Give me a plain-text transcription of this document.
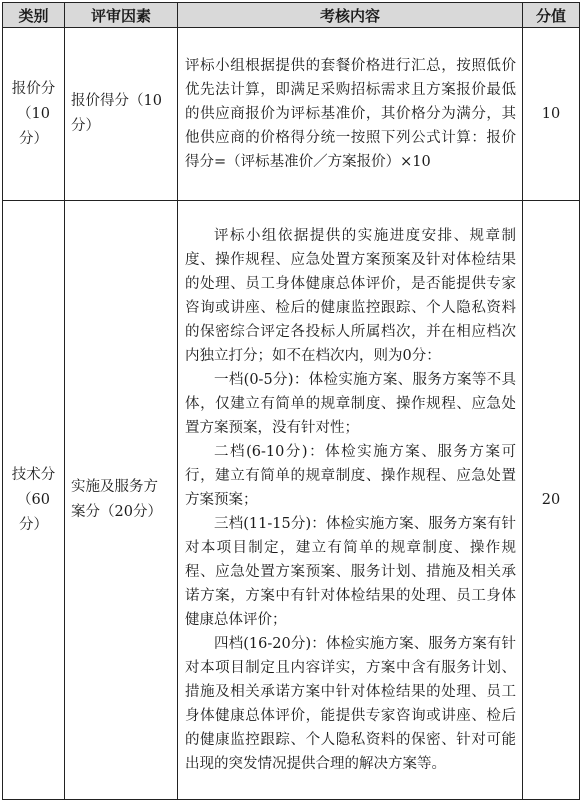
类别	评审因素	考核内容	分值
报价分（10分）	报价得分（10分）	评标小组根据提供的套餐价格进行汇总，按照低价优先法计算，即满足采购招标需求且方案报价最低的供应商报价为评标基准价，其价格分为满分，其他供应商的价格得分统一按照下列公式计算：报价得分=（评标基准价／方案报价）×10	10
技术分（60分）	实施及服务方案分（20分）	评标小组依据提供的实施进度安排、规章制度、操作规程、应急处置方案预案及针对体检结果的处理、员工身体健康总体评价，是否能提供专家咨询或讲座、检后的健康监控跟踪、个人隐私资料的保密综合评定各投标人所属档次，并在相应档次内独立打分；如不在档次内，则为0分：

一档(0-5分)：体检实施方案、服务方案等不具体，仅建立有简单的规章制度、操作规程、应急处置方案预案，没有针对性；

二档(6-10分)：体检实施方案、服务方案可行，建立有简单的规章制度、操作规程、应急处置方案预案；

三档(11-15分)：体检实施方案、服务方案有针对本项目制定，建立有简单的规章制度、操作规程、应急处置方案预案、服务计划、措施及相关承诺方案，方案中有针对体检结果的处理、员工身体健康总体评价；

四档(16-20分)：体检实施方案、服务方案有针对本项目制定且内容详实，方案中含有服务计划、措施及相关承诺方案中针对体检结果的处理、员工身体健康总体评价，能提供专家咨询或讲座、检后的健康监控跟踪、个人隐私资料的保密、针对可能出现的突发情况提供合理的解决方案等。	20
